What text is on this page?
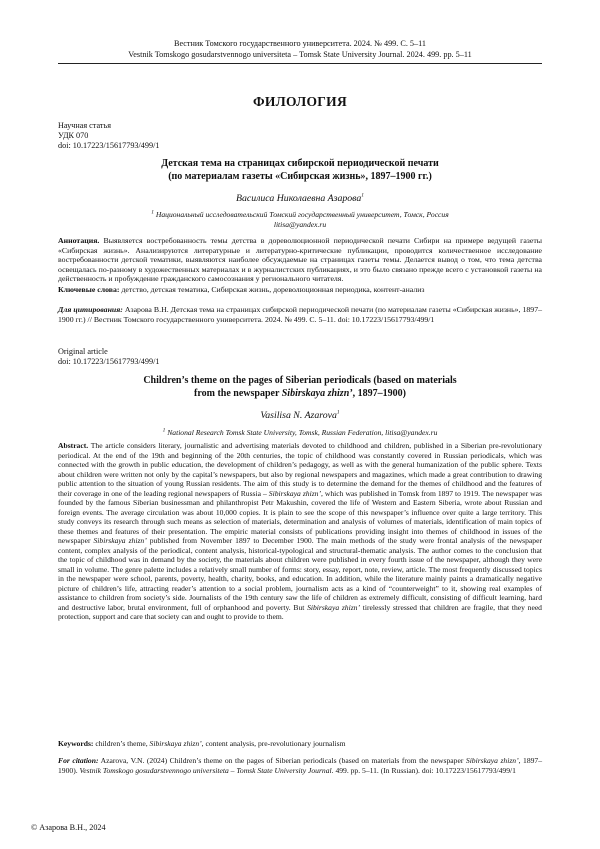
Вестник Томского государственного университета. 2024. № 499. С. 5–11
Vestnik Tomskogo gosudarstvennogo universiteta – Tomsk State University Journal. 2024. 499. pp. 5–11
ФИЛОЛОГИЯ
Научная статья
УДК 070
doi: 10.17223/15617793/499/1
Детская тема на страницах сибирской периодической печати
(по материалам газеты «Сибирская жизнь», 1897–1900 гг.)
Василиса Николаевна Азарова$^1$
$^1$ Национальный исследовательский Томский государственный университет, Томск, Россия
litisa@yandex.ru
Аннотация. Выявляется востребованность темы детства в дореволюционной периодической печати Сибири на примере ведущей газеты «Сибирская жизнь». Анализируются литературные и литературно-критические публикации, проводится количественное исследование востребованности детской тематики, выявляются наиболее обсуждаемые на страницах газеты темы. Делается вывод о том, что тема детства освещалась по-разному в художественных материалах и в журналистских публикациях, и это было связано прежде всего с установкой газеты на действенность и пробуждение гражданского самосознания у регионального читателя.
Ключевые слова: детство, детская тематика, Сибирская жизнь, дореволюционная периодика, контент-анализ
Для цитирования: Азарова В.Н. Детская тема на страницах сибирской периодической печати (по материалам газеты «Сибирская жизнь», 1897–1900 гг.) // Вестник Томского государственного университета. 2024. № 499. С. 5–11. doi: 10.17223/15617793/499/1
Original article
doi: 10.17223/15617793/499/1
Children’s theme on the pages of Siberian periodicals (based on materials
from the newspaper Sibirskaya zhizn’, 1897–1900)
Vasilisa N. Azarova$^1$
$^1$ National Research Tomsk State University, Tomsk, Russian Federation, litisa@yandex.ru
Abstract. The article considers literary, journalistic and advertising materials devoted to childhood and children, published in a Siberian pre-revolutionary periodical. At the end of the 19th and beginning of the 20th centuries, the topic of childhood was constantly covered in Russian periodicals, which was connected with the growth in public education, the development of children’s pedagogy, as well as with the general humanization of the public sphere. Texts about children were written not only by the capital’s newspapers, but also by regional newspapers and magazines, which made a great contribution to drawing public attention to the situation of young Russian residents. The aim of this study is to determine the demand for the themes of childhood and the features of their coverage in one of the leading regional newspapers of Russia – Sibirskaya zhizn’, which was published in Tomsk from 1897 to 1919. The newspaper was founded by the famous Siberian businessman and philanthropist Petr Makushin, covered the life of Western and Eastern Siberia, wrote about Russian and foreign events. The average circulation was about 10,000 copies. It is plain to see the scope of this newspaper’s influence over quite a large territory. This study conveys its research through such means as selection of materials, determination and analysis of volumes of materials, identification of main topics of these themes and features of their presentation. The empiric material consists of publications providing insight into themes of childhood in issues of the newspaper Sibirskaya zhizn’ published from November 1897 to December 1900. The main methods of the study were frontal analysis of the newspaper content, complex analysis of the periodical, content analysis, historical-typological and structural-thematic analysis. The author comes to the conclusion that the topic of childhood was in demand by the society, the materials about children were published in every fourth issue of the newspaper, although they were small in volume. The genre palette includes a relatively small number of forms: story, essay, report, note, review, article. The most frequently discussed topics in the newspaper were school, parents, poverty, health, charity, books, and education. In addition, while the literature mainly paints a dramatically negative picture of children’s life, attracting reader’s attention to a social problem, journalism acts as a kind of “counterweight” to it, showing real examples of assistance to children from society’s side. Journalists of the 19th century saw the life of children as extremely difficult, consisting of difficult learning, hard and destructive labor, brutal environment, full of orphanhood and poverty. But Sibirskaya zhizn’ tirelessly stressed that children are fragile, that they need protection, support and care that society can and ought to provide to them.
Keywords: children’s theme, Sibirskaya zhizn’, content analysis, pre-revolutionary journalism
For citation: Azarova, V.N. (2024) Children’s theme on the pages of Siberian periodicals (based on materials from the newspaper Sibirskaya zhizn’, 1897–1900). Vestnik Tomskogo gosudarstvennogo universiteta – Tomsk State University Journal. 499. pp. 5–11. (In Russian). doi: 10.17223/15617793/499/1
© Азарова В.Н., 2024
